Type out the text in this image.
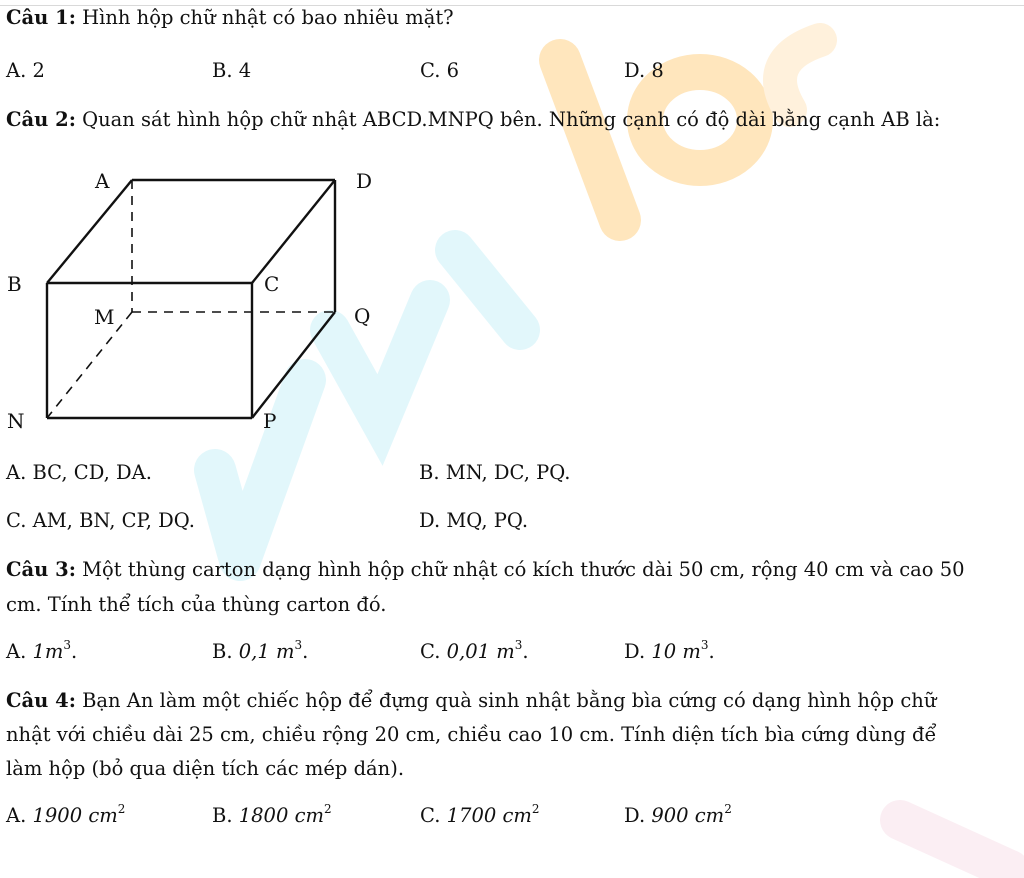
Câu 1: Hình hộp chữ nhật có bao nhiêu mặt?
A. 2	B. 4	C. 6	D. 8
Câu 2: Quan sát hình hộp chữ nhật ABCD.MNPQ bên. Những cạnh có độ dài bằng cạnh AB là:
A	D
B	C
M	Q
N	P
A. BC, CD, DA.	B. MN, DC, PQ.
C. AM, BN, CP, DQ.	D. MQ, PQ.
Câu 3: Một thùng carton dạng hình hộp chữ nhật có kích thước dài 50 cm, rộng 40 cm và cao 50
cm. Tính thể tích của thùng carton đó.
A. $1m^3$.	B. 0,1 $m^3$.	C. 0,01 $m^3$.	D. 10 $m^3$.
Câu 4: Bạn An làm một chiếc hộp để đựng quà sinh nhật bằng bìa cứng có dạng hình hộp chữ
nhật với chiều dài 25 cm, chiều rộng 20 cm, chiều cao 10 cm. Tính diện tích bìa cứng dùng để
làm hộp (bỏ qua diện tích các mép dán).
A. 1900 $cm^2$	B. 1800 $cm^2$	C. 1700 $cm^2$	D. 900 $cm^2$
